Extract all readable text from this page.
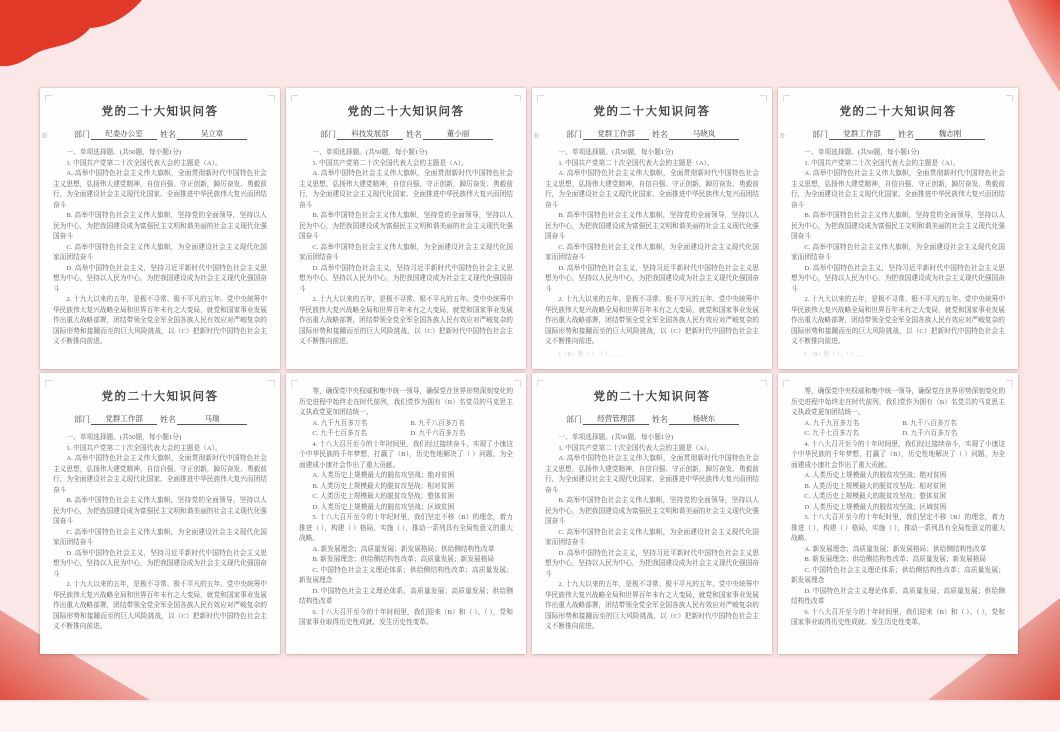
党的二十大知识问答
部门 纪委办公室 姓名	吴立章
一、单项选择题。(共50题，每小题1分)
1. 中国共产党第二十次全国代表大会的主题是（A）。
A. 高举中国特色社会主义伟大旗帜，全面贯彻新时代中国特色社会主义思想，弘扬伟大建党精神，自信自强、守正创新，踔厉奋发、勇毅前行，为全面建设社会主义现代化国家、全面推进中华民族伟大复兴而团结奋斗
B. 高举中国特色社会主义伟大旗帜，坚持党的全面领导，坚持以人民为中心，为把我国建设成为富强民主文明和谐美丽的社会主义现代化强国奋斗
C. 高举中国特色社会主义伟大旗帜，为全面建设社会主义现代化国家而团结奋斗
D. 高举中国特色社会主义，坚持习近平新时代中国特色社会主义思想为中心，坚持以人民为中心，为把我国建设成为社会主义现代化强国奋斗
2. 十九大以来的五年，是极不寻常、极不平凡的五年。党中央统筹中华民族伟大复兴战略全局和世界百年未有之大变局，就党和国家事业发展作出重大战略部署，团结带领全党全军全国各族人民有效应对严峻复杂的国际形势和接踵而至的巨大风险挑战，以（C）把新时代中国特色社会主义不断推向前进。
B·
党的二十大知识问答
部门 科技发展部 姓名	董小丽
一、单项选择题。(共50题，每小题1分)
1. 中国共产党第二十次全国代表大会的主题是（A）。
A. 高举中国特色社会主义伟大旗帜，全面贯彻新时代中国特色社会主义思想，弘扬伟大建党精神，自信自强、守正创新，踔厉奋发、勇毅前行，为全面建设社会主义现代化国家、全面推进中华民族伟大复兴而团结奋斗
B. 高举中国特色社会主义伟大旗帜，坚持党的全面领导，坚持以人民为中心，为把我国建设成为富强民主文明和谐美丽的社会主义现代化强国奋斗
C. 高举中国特色社会主义伟大旗帜，为全面建设社会主义现代化国家而团结奋斗
D. 高举中国特色社会主义，坚持习近平新时代中国特色社会主义思想为中心，坚持以人民为中心，为把我国建设成为社会主义现代化强国奋斗
2. 十九大以来的五年，是极不寻常、极不平凡的五年。党中央统筹中华民族伟大复兴战略全局和世界百年未有之大变局，就党和国家事业发展作出重大战略部署，团结带领全党全军全国各族人民有效应对严峻复杂的国际形势和接踵而至的巨大风险挑战，以（C）把新时代中国特色社会主义不断推向前进。
党的二十大知识问答
部门 党群工作部 姓名	马晓岚
一、单项选择题。(共50题，每小题1分)
1. 中国共产党第二十次全国代表大会的主题是（A）。
A. 高举中国特色社会主义伟大旗帜，全面贯彻新时代中国特色社会主义思想，弘扬伟大建党精神，自信自强、守正创新，踔厉奋发、勇毅前行，为全面建设社会主义现代化国家、全面推进中华民族伟大复兴而团结奋斗
B. 高举中国特色社会主义伟大旗帜，坚持党的全面领导，坚持以人民为中心，为把我国建设成为富强民主文明和谐美丽的社会主义现代化强国奋斗
C. 高举中国特色社会主义伟大旗帜，为全面建设社会主义现代化国家而团结奋斗
D. 高举中国特色社会主义，坚持习近平新时代中国特色社会主义思想为中心，坚持以人民为中心，为把我国建设成为社会主义现代化强国奋斗
2. 十九大以来的五年，是极不寻常、极不平凡的五年。党中央统筹中华民族伟大复兴战略全局和世界百年未有之大变局，就党和国家事业发展作出重大战略部署，团结带领全党全军全国各族人民有效应对严峻复杂的国际形势和接踵而至的巨大风险挑战，以（C）把新时代中国特色社会主义不断推向前进。
3.（B）和（ ）、（ ）……
B·
党的二十大知识问答
部门 党群工作部 姓名	魏志刚
一、单项选择题。(共50题，每小题1分)
1. 中国共产党第二十次全国代表大会的主题是（A）。
A. 高举中国特色社会主义伟大旗帜，全面贯彻新时代中国特色社会主义思想，弘扬伟大建党精神，自信自强、守正创新，踔厉奋发、勇毅前行，为全面建设社会主义现代化国家、全面推进中华民族伟大复兴而团结奋斗
B. 高举中国特色社会主义伟大旗帜，坚持党的全面领导，坚持以人民为中心，为把我国建设成为富强民主文明和谐美丽的社会主义现代化强国奋斗
C. 高举中国特色社会主义伟大旗帜，为全面建设社会主义现代化国家而团结奋斗
D. 高举中国特色社会主义，坚持习近平新时代中国特色社会主义思想为中心，坚持以人民为中心，为把我国建设成为社会主义现代化强国奋斗
2. 十九大以来的五年，是极不寻常、极不平凡的五年。党中央统筹中华民族伟大复兴战略全局和世界百年未有之大变局，就党和国家事业发展作出重大战略部署，团结带领全党全军全国各族人民有效应对严峻复杂的国际形势和接踵而至的巨大风险挑战，以（C）把新时代中国特色社会主义不断推向前进。
3.（B）和（ ）、（ ）……
B·
党的二十大知识问答
部门 党群工作部 姓名	马瑞
一、单项选择题。(共50题，每小题1分)
1. 中国共产党第二十次全国代表大会的主题是（A）。
A. 高举中国特色社会主义伟大旗帜，全面贯彻新时代中国特色社会主义思想，弘扬伟大建党精神，自信自强、守正创新，踔厉奋发、勇毅前行，为全面建设社会主义现代化国家、全面推进中华民族伟大复兴而团结奋斗
B. 高举中国特色社会主义伟大旗帜，坚持党的全面领导，坚持以人民为中心，为把我国建设成为富强民主文明和谐美丽的社会主义现代化强国奋斗
C. 高举中国特色社会主义伟大旗帜，为全面建设社会主义现代化国家而团结奋斗
D. 高举中国特色社会主义，坚持习近平新时代中国特色社会主义思想为中心，坚持以人民为中心，为把我国建设成为社会主义现代化强国奋斗
2. 十九大以来的五年，是极不寻常、极不平凡的五年。党中央统筹中华民族伟大复兴战略全局和世界百年未有之大变局，就党和国家事业发展作出重大战略部署，团结带领全党全军全国各族人民有效应对严峻复杂的国际形势和接踵而至的巨大风险挑战，以（C）把新时代中国特色社会主义不断推向前进。
等，确保党中央权威和集中统一领导，确保党在世界形势深刻变化的历史进程中始终走在时代前列，我们党作为拥有（B）名党员的马克思主义执政党更加团结统一。
A. 九千九百多万名	B. 九千八百多万名
C. 九千七百多万名	D. 九千六百多万名
4. 十八大召开至今的十年时间里，我们经过接续奋斗，实现了小康这个中华民族的千年梦想，打赢了（B），历史性地解决了（ ）问题，为全面建成小康社会作出了重大贡献。
A. 人类历史上规模最大的脱贫攻坚战；绝对贫困
B. 人类历史上规模最大的脱贫攻坚战；相对贫困
C. 人类历史上规模最大的脱贫攻坚战；整体贫困
D. 人类历史上规模最大的脱贫攻坚战；区域贫困
5. 十八大召开至今的十年纪时里，我们坚定不移（B）的理念，着力推进（ ），构建（ ）格局，实施（ ），推动一系列具有全局性意义的重大战略。
A. 新发展理念；高质量发展；新发展格局；供给侧结构性改革
B. 新发展理念；供给侧结构性改革；高质量发展；新发展格局
C. 中国特色社会主义理论体系；供给侧结构性改革；高质量发展；新发展理念
D. 中国特色社会主义理论体系、高质量发展；高质量发展；供给侧结构性改革
6. 十八大召开至今的十年时间里，我们迎来（B）和（ ）、（ ），党和国家事业取得历史性成就、发生历史性变革。
党的二十大知识问答
部门 经营管理部 姓名	杨晓东
一、单项选择题。(共50题，每小题1分)
1. 中国共产党第二十次全国代表大会的主题是（A）。
A. 高举中国特色社会主义伟大旗帜，全面贯彻新时代中国特色社会主义思想，弘扬伟大建党精神，自信自强、守正创新，踔厉奋发、勇毅前行，为全面建设社会主义现代化国家、全面推进中华民族伟大复兴而团结奋斗
B. 高举中国特色社会主义伟大旗帜，坚持党的全面领导，坚持以人民为中心，为把我国建设成为富强民主文明和谐美丽的社会主义现代化强国奋斗
C. 高举中国特色社会主义伟大旗帜，为全面建设社会主义现代化国家而团结奋斗
D. 高举中国特色社会主义，坚持习近平新时代中国特色社会主义思想为中心，坚持以人民为中心，为把我国建设成为社会主义现代化强国奋斗
2. 十九大以来的五年，是极不寻常、极不平凡的五年。党中央统筹中华民族伟大复兴战略全局和世界百年未有之大变局，就党和国家事业发展作出重大战略部署，团结带领全党全军全国各族人民有效应对严峻复杂的国际形势和接踵而至的巨大风险挑战，以（C）把新时代中国特色社会主义不断推向前进。
等，确保党中央权威和集中统一领导，确保党在世界形势深刻变化的历史进程中始终走在时代前列，我们党作为拥有（B）名党员的马克思主义执政党更加团结统一。
A. 九千九百多万名	B. 九千八百多万名
C. 九千七百多万名	D. 九千六百多万名
4. 十八大召开至今的十年时间里，我们经过接续奋斗，实现了小康这个中华民族的千年梦想，打赢了（B），历史性地解决了（ ）问题，为全面建成小康社会作出了重大贡献。
A. 人类历史上规模最大的脱贫攻坚战；绝对贫困
B. 人类历史上规模最大的脱贫攻坚战；相对贫困
C. 人类历史上规模最大的脱贫攻坚战；整体贫困
D. 人类历史上规模最大的脱贫攻坚战；区域贫困
5. 十八大召开至今的十年纪时里，我们坚定不移（B）的理念，着力推进（ ），构建（ ）格局，实施（ ），推动一系列具有全局性意义的重大战略。
A. 新发展理念；高质量发展；新发展格局；供给侧结构性改革
B. 新发展理念；供给侧结构性改革；高质量发展；新发展格局
C. 中国特色社会主义理论体系；供给侧结构性改革；高质量发展；新发展理念
D. 中国特色社会主义理论体系、高质量发展；高质量发展；供给侧结构性改革
6. 十八大召开至今的十年时间里，我们迎来（B）和（ ）、（ ），党和国家事业取得历史性成就、发生历史性变革。
